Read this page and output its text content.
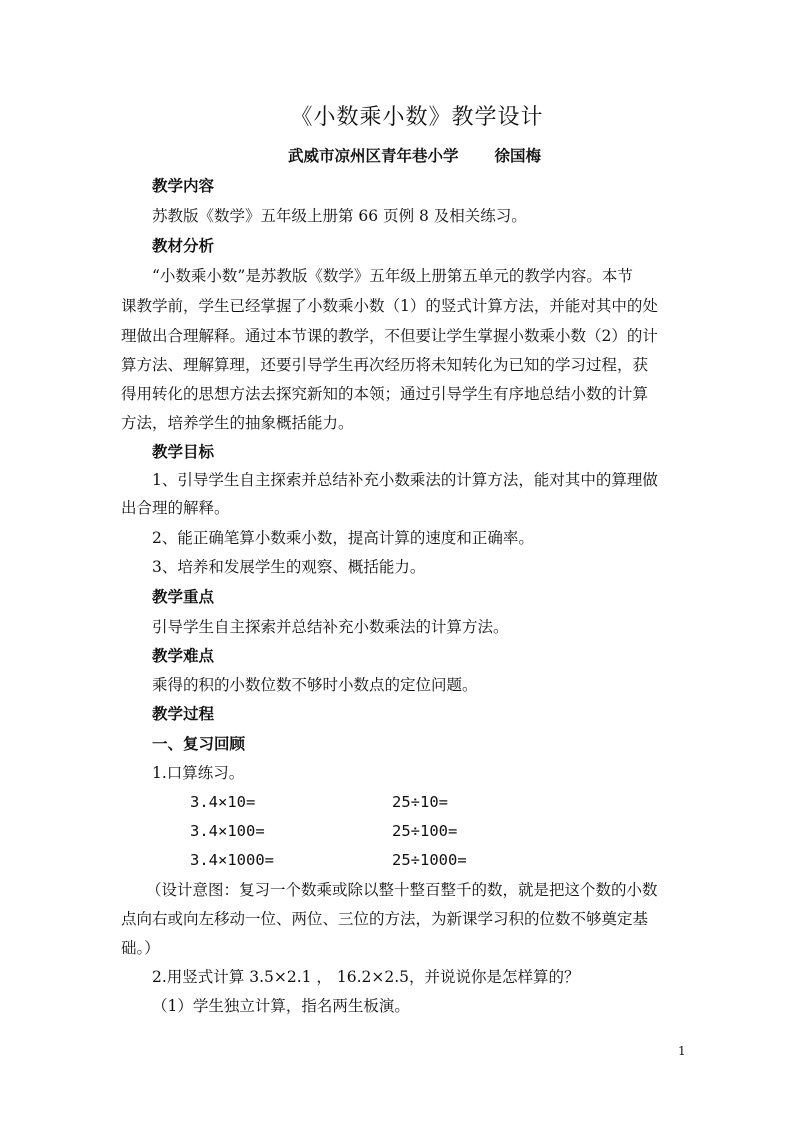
《小数乘小数》教学设计
武威市凉州区青年巷小学 徐国梅
教学内容
苏教版《数学》五年级上册第 66 页例 8 及相关练习。
教材分析
“小数乘小数”是苏教版《数学》五年级上册第五单元的教学内容。本节
课教学前，学生已经掌握了小数乘小数（1）的竖式计算方法，并能对其中的处
理做出合理解释。通过本节课的教学，不但要让学生掌握小数乘小数（2）的计
算方法、理解算理，还要引导学生再次经历将未知转化为已知的学习过程，获
得用转化的思想方法去探究新知的本领；通过引导学生有序地总结小数的计算
方法，培养学生的抽象概括能力。
教学目标
1、引导学生自主探索并总结补充小数乘法的计算方法，能对其中的算理做
出合理的解释。
2、能正确笔算小数乘小数，提高计算的速度和正确率。
3、培养和发展学生的观察、概括能力。
教学重点
引导学生自主探索并总结补充小数乘法的计算方法。
教学难点
乘得的积的小数位数不够时小数点的定位问题。
教学过程
一、复习回顾
1.口算练习。
3.4×10=	25÷10=
3.4×100=	25÷100=
3.4×1000=	25÷1000=
（设计意图：复习一个数乘或除以整十整百整千的数，就是把这个数的小数
点向右或向左移动一位、两位、三位的方法，为新课学习积的位数不够奠定基
础。）
2.用竖式计算 3.5×2.1 ， 16.2×2.5，并说说你是怎样算的？
（1）学生独立计算，指名两生板演。
1
